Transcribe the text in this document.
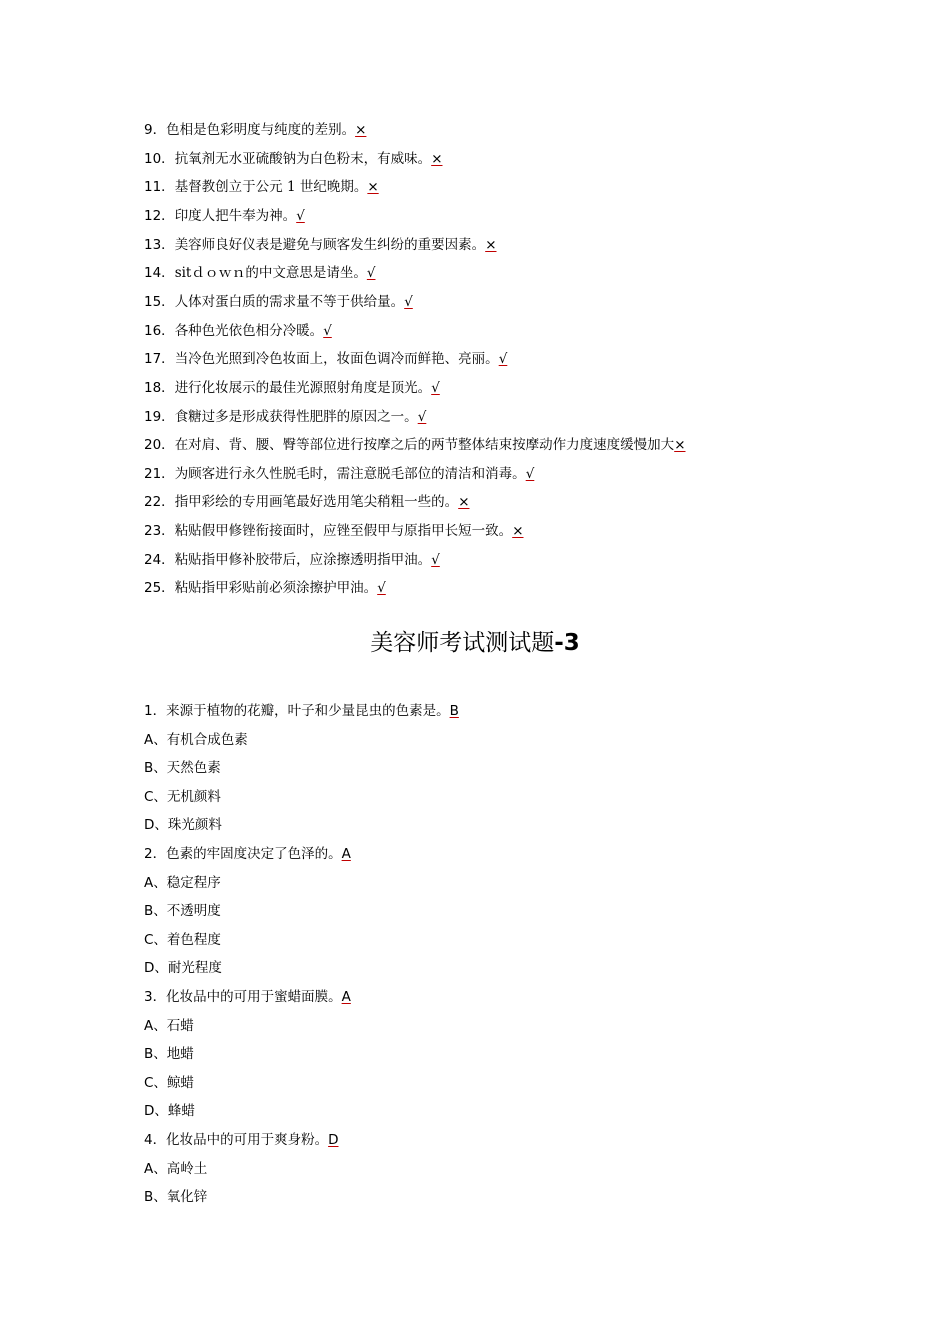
9．色相是色彩明度与纯度的差别。×
10．抗氧剂无水亚硫酸钠为白色粉末，有威味。×
11．基督教创立于公元 1 世纪晚期。×
12．印度人把牛奉为神。√
13．美容师良好仪表是避免与顾客发生纠纷的重要因素。×
14．sitｄｏｗｎ的中文意思是请坐。√
15．人体对蛋白质的需求量不等于供给量。√
16．各种色光依色相分冷暖。√
17．当冷色光照到冷色妆面上，妆面色调冷而鲜艳、亮丽。√
18．进行化妆展示的最佳光源照射角度是顶光。√
19．食糖过多是形成获得性肥胖的原因之一。√
20．在对肩、背、腰、臀等部位进行按摩之后的两节整体结束按摩动作力度速度缓慢加大×
21．为顾客进行永久性脱毛时，需注意脱毛部位的清洁和消毒。√
22．指甲彩绘的专用画笔最好选用笔尖稍粗一些的。×
23．粘贴假甲修锉衔接面时，应锉至假甲与原指甲长短一致。×
24．粘贴指甲修补胶带后，应涂擦透明指甲油。√
25．粘贴指甲彩贴前必须涂擦护甲油。√
美容师考试测试题-3
1．来源于植物的花瓣，叶子和少量昆虫的色素是。B
A、有机合成色素
B、天然色素
C、无机颜料
D、珠光颜料
2．色素的牢固度决定了色泽的。A
A、稳定程序
B、不透明度
C、着色程度
D、耐光程度
3．化妆品中的可用于蜜蜡面膜。A
A、石蜡
B、地蜡
C、鲸蜡
D、蜂蜡
4．化妆品中的可用于爽身粉。D
A、高岭土
B、氧化锌
